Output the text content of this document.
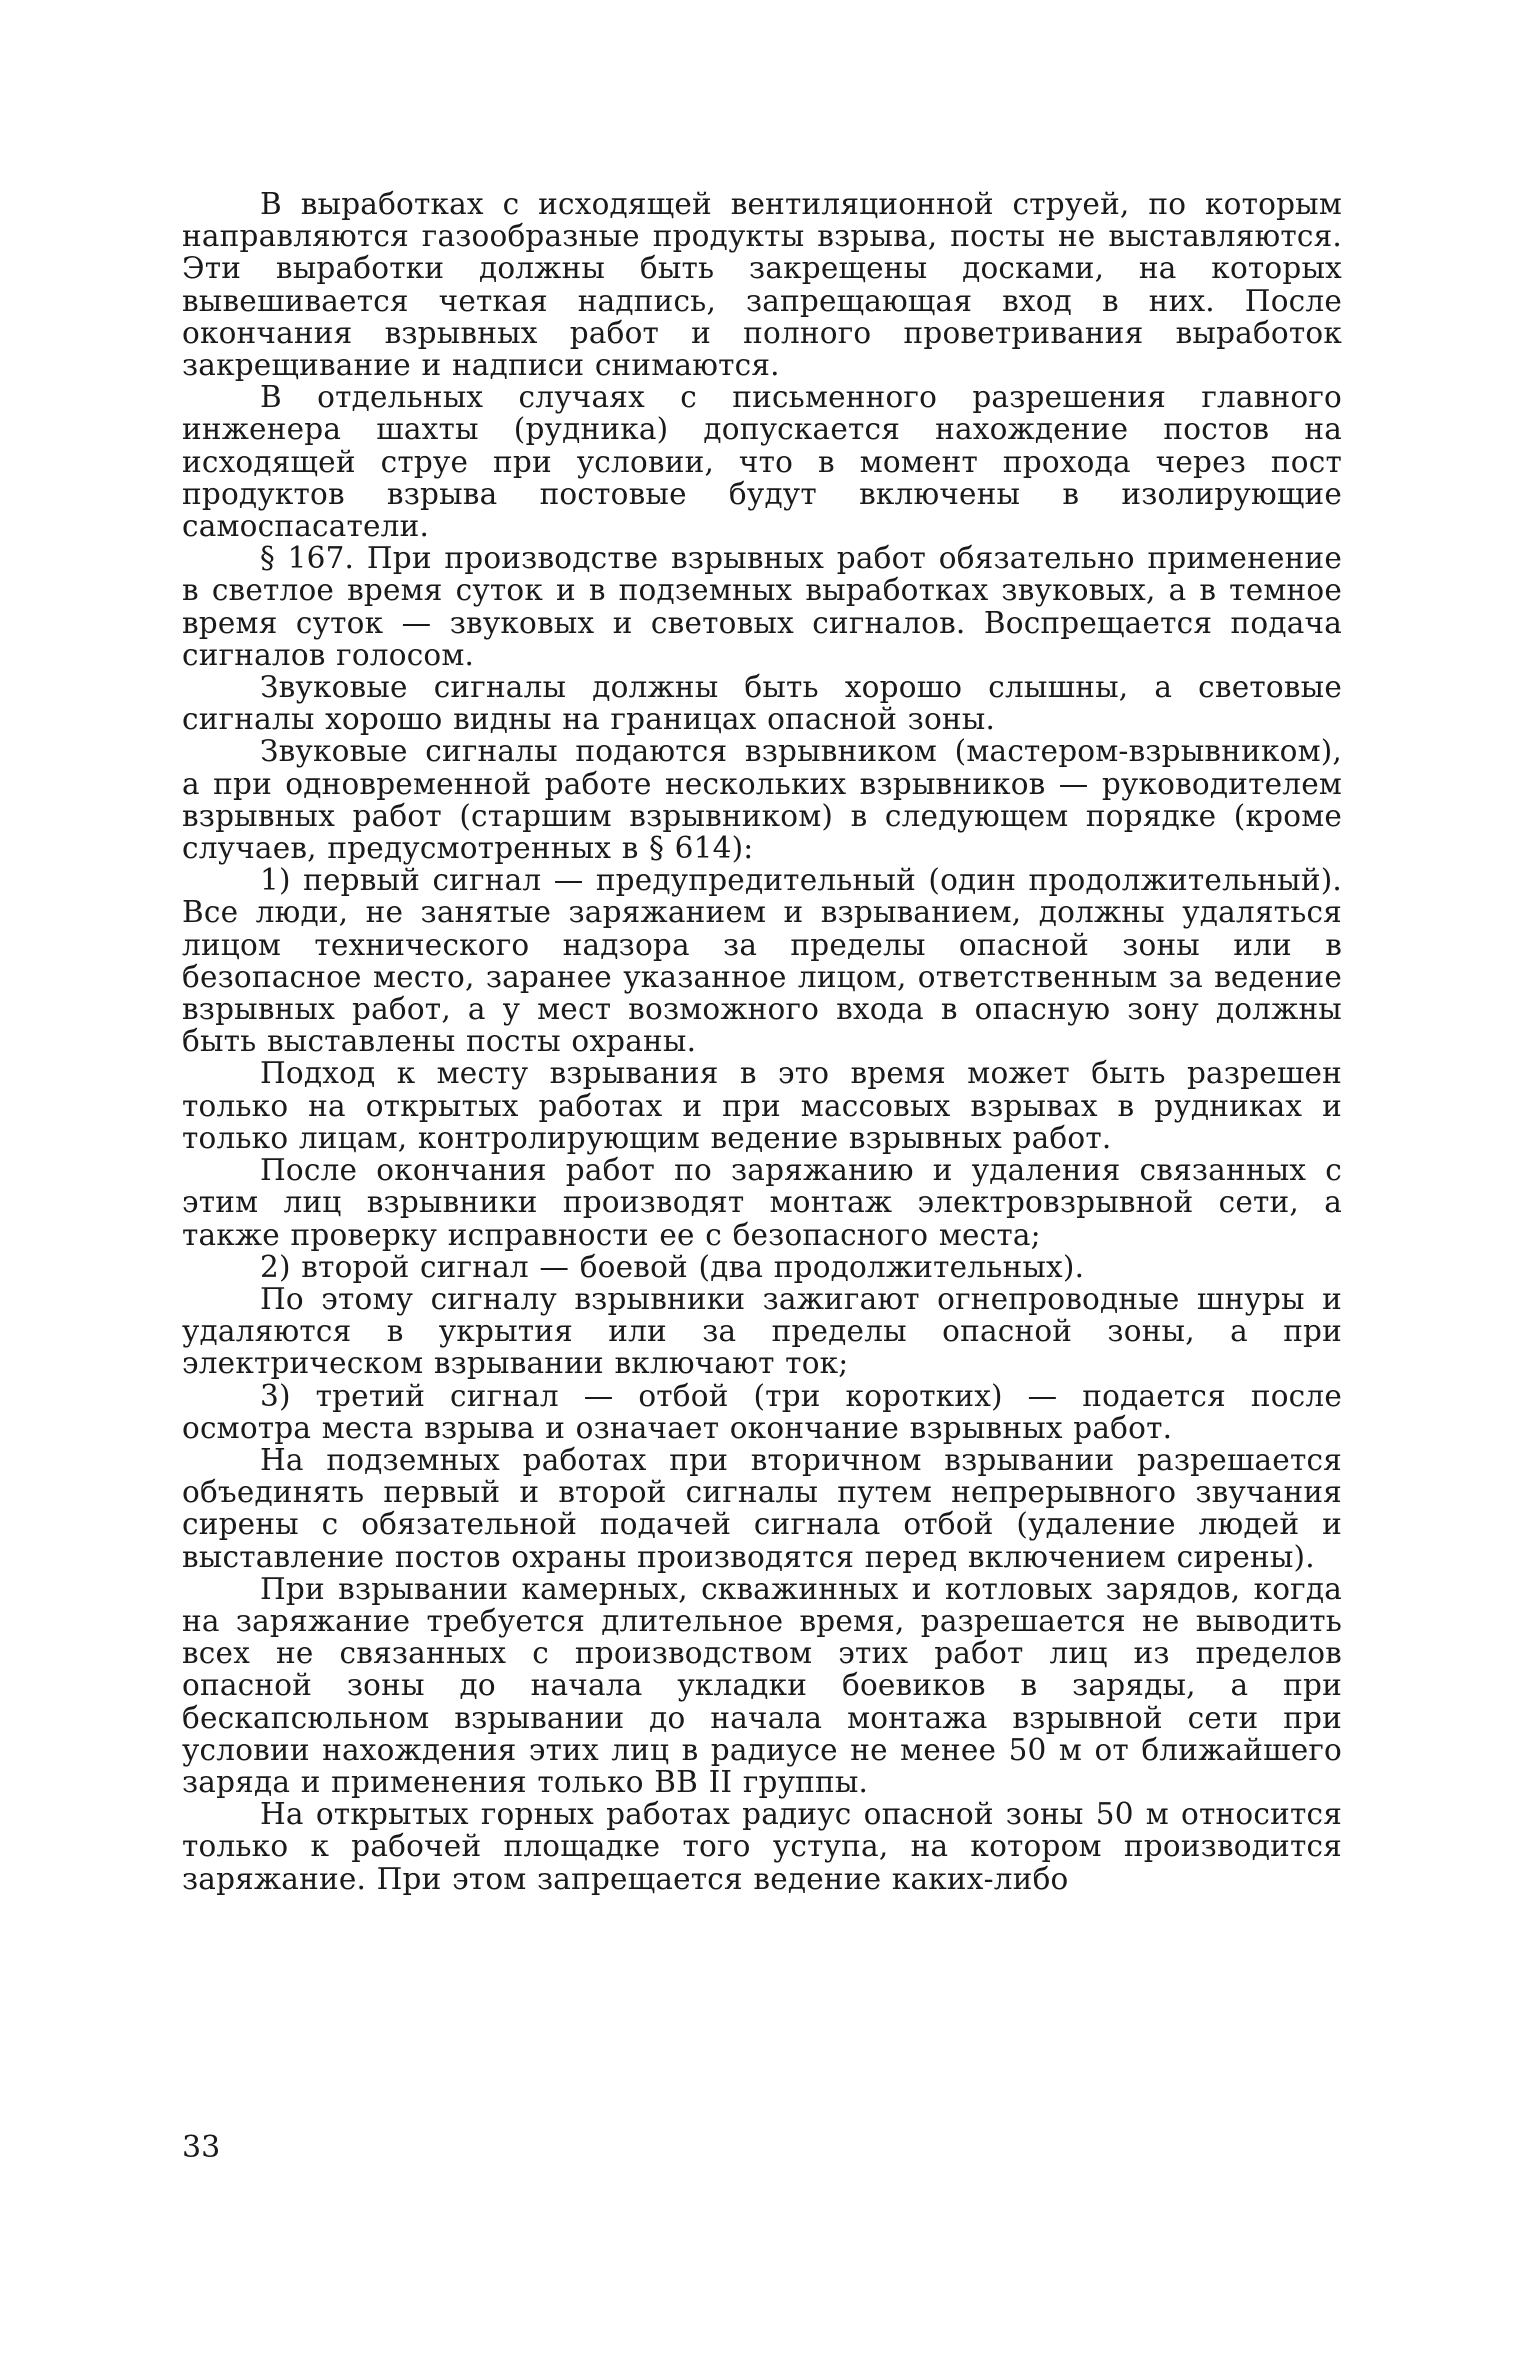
В выработках с исходящей вентиляционной струей, по которым направляются газообразные продукты взрыва, посты не выставляются. Эти выработки должны быть закрещены досками, на которых вывешивается четкая надпись, запрещающая вход в них. После окончания взрывных работ и полного проветривания выработок закрещивание и надписи снимаются.

В отдельных случаях с письменного разрешения главного инженера шахты (рудника) допускается нахождение постов на исходящей струе при условии, что в момент прохода через пост продуктов взрыва постовые будут включены в изолирующие самоспасатели.

§ 167. При производстве взрывных работ обязательно применение в светлое время суток и в подземных выработках звуковых, а в темное время суток — звуковых и световых сигналов. Воспрещается подача сигналов голосом.

Звуковые сигналы должны быть хорошо слышны, а световые сигналы хорошо видны на границах опасной зоны.

Звуковые сигналы подаются взрывником (мастером-взрывником), а при одновременной работе нескольких взрывников — руководителем взрывных работ (старшим взрывником) в следующем порядке (кроме случаев, предусмотренных в § 614):

1) первый сигнал — предупредительный (один продолжительный). Все люди, не занятые заряжанием и взрыванием, должны удаляться лицом технического надзора за пределы опасной зоны или в безопасное место, заранее указанное лицом, ответственным за ведение взрывных работ, а у мест возможного входа в опасную зону должны быть выставлены посты охраны.

Подход к месту взрывания в это время может быть разрешен только на открытых работах и при массовых взрывах в рудниках и только лицам, контролирующим ведение взрывных работ.

После окончания работ по заряжанию и удаления связанных с этим лиц взрывники производят монтаж электровзрывной сети, а также проверку исправности ее с безопасного места;

2) второй сигнал — боевой (два продолжительных).

По этому сигналу взрывники зажигают огнепроводные шнуры и удаляются в укрытия или за пределы опасной зоны, а при электрическом взрывании включают ток;

3) третий сигнал — отбой (три коротких) — подается после осмотра места взрыва и означает окончание взрывных работ.

На подземных работах при вторичном взрывании разрешается объединять первый и второй сигналы путем непрерывного звучания сирены с обязательной подачей сигнала отбой (удаление людей и выставление постов охраны производятся перед включением сирены).

При взрывании камерных, скважинных и котловых зарядов, когда на заряжание требуется длительное время, разрешается не выводить всех не связанных с производством этих работ лиц из пределов опасной зоны до начала укладки боевиков в заряды, а при бескапсюльном взрывании до начала монтажа взрывной сети при условии нахождения этих лиц в радиусе не менее 50 м от ближайшего заряда и применения только ВВ II группы.

На открытых горных работах радиус опасной зоны 50 м относится только к рабочей площадке того уступа, на котором производится заряжание. При этом запрещается ведение каких-либо

33
